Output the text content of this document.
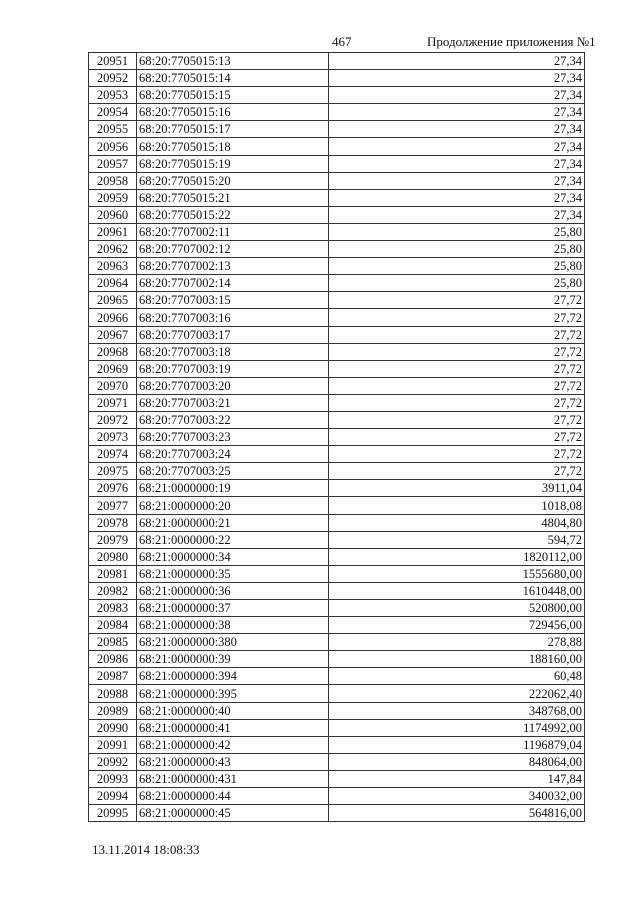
467	Продолжение приложения №1
20951	68:20:7705015:13	27,34
20952	68:20:7705015:14	27,34
20953	68:20:7705015:15	27,34
20954	68:20:7705015:16	27,34
20955	68:20:7705015:17	27,34
20956	68:20:7705015:18	27,34
20957	68:20:7705015:19	27,34
20958	68:20:7705015:20	27,34
20959	68:20:7705015:21	27,34
20960	68:20:7705015:22	27,34
20961	68:20:7707002:11	25,80
20962	68:20:7707002:12	25,80
20963	68:20:7707002:13	25,80
20964	68:20:7707002:14	25,80
20965	68:20:7707003:15	27,72
20966	68:20:7707003:16	27,72
20967	68:20:7707003:17	27,72
20968	68:20:7707003:18	27,72
20969	68:20:7707003:19	27,72
20970	68:20:7707003:20	27,72
20971	68:20:7707003:21	27,72
20972	68:20:7707003:22	27,72
20973	68:20:7707003:23	27,72
20974	68:20:7707003:24	27,72
20975	68:20:7707003:25	27,72
20976	68:21:0000000:19	3911,04
20977	68:21:0000000:20	1018,08
20978	68:21:0000000:21	4804,80
20979	68:21:0000000:22	594,72
20980	68:21:0000000:34	1820112,00
20981	68:21:0000000:35	1555680,00
20982	68:21:0000000:36	1610448,00
20983	68:21:0000000:37	520800,00
20984	68:21:0000000:38	729456,00
20985	68:21:0000000:380	278,88
20986	68:21:0000000:39	188160,00
20987	68:21:0000000:394	60,48
20988	68:21:0000000:395	222062,40
20989	68:21:0000000:40	348768,00
20990	68:21:0000000:41	1174992,00
20991	68:21:0000000:42	1196879,04
20992	68:21:0000000:43	848064,00
20993	68:21:0000000:431	147,84
20994	68:21:0000000:44	340032,00
20995	68:21:0000000:45	564816,00
13.11.2014 18:08:33
